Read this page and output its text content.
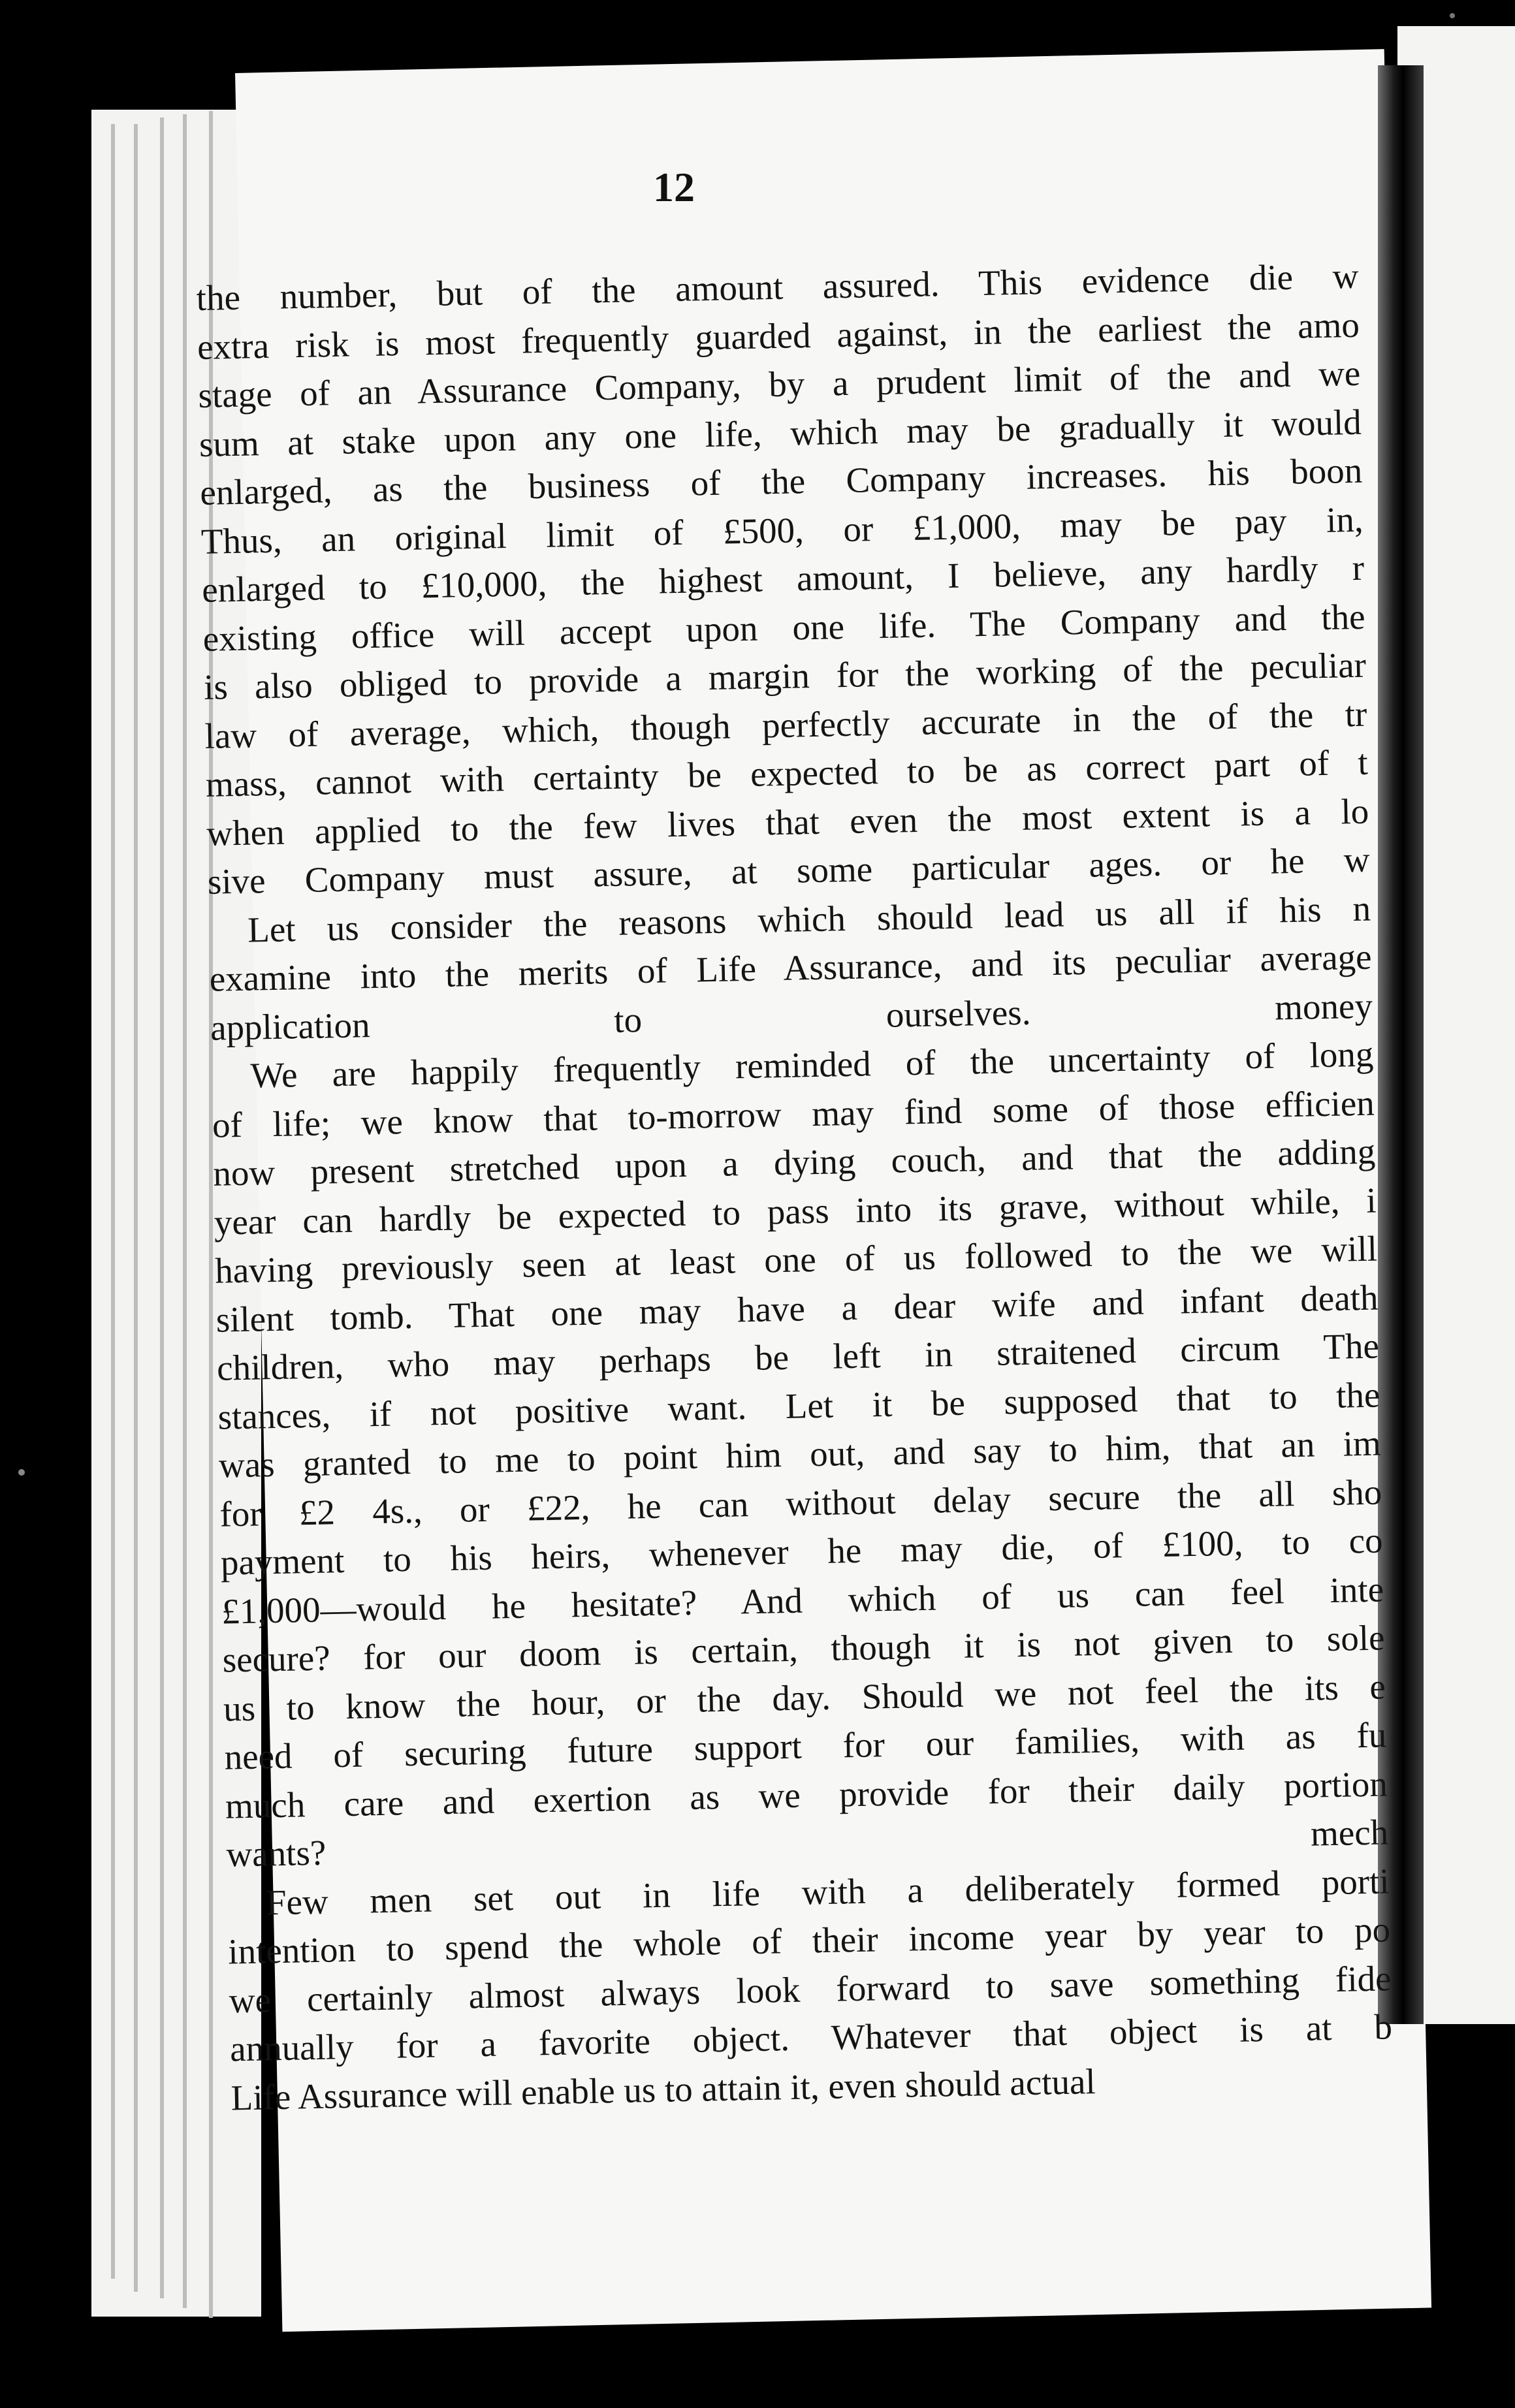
12
the number, but of the amount assured. This evidence die w
extra risk is most frequently guarded against, in the earliest the amo
stage of an Assurance Company, by a prudent limit of the and we
sum at stake upon any one life, which may be gradually it would
enlarged, as the business of the Company increases. his boon
Thus, an original limit of £500, or £1,000, may be pay in,
enlarged to £10,000, the highest amount, I believe, any hardly r
existing office will accept upon one life. The Company and the
is also obliged to provide a margin for the working of the peculiar
law of average, which, though perfectly accurate in the of the tr
mass, cannot with certainty be expected to be as correct part of t
when applied to the few lives that even the most extent is a lo
sive Company must assure, at some particular ages. or he w
Let us consider the reasons which should lead us all if his n
examine into the merits of Life Assurance, and its peculiar average
application to ourselves. money
We are happily frequently reminded of the uncertainty of long
of life; we know that to-morrow may find some of those efficien
now present stretched upon a dying couch, and that the adding
year can hardly be expected to pass into its grave, without while, i
having previously seen at least one of us followed to the we will
silent tomb. That one may have a dear wife and infant death
children, who may perhaps be left in straitened circum The
stances, if not positive want. Let it be supposed that to the
was granted to me to point him out, and say to him, that an im
for £2 4s., or £22, he can without delay secure the all sho
payment to his heirs, whenever he may die, of £100, to co
£1,000—would he hesitate? And which of us can feel inte
secure? for our doom is certain, though it is not given to sole
us to know the hour, or the day. Should we not feel the its e
need of securing future support for our families, with as fu
much care and exertion as we provide for their daily portion
wants? mech
Few men set out in life with a deliberately formed porti
intention to spend the whole of their income year by year to po
we certainly almost always look forward to save something fide
annually for a favorite object. Whatever that object is at b
Life Assurance will enable us to attain it, even should actual
